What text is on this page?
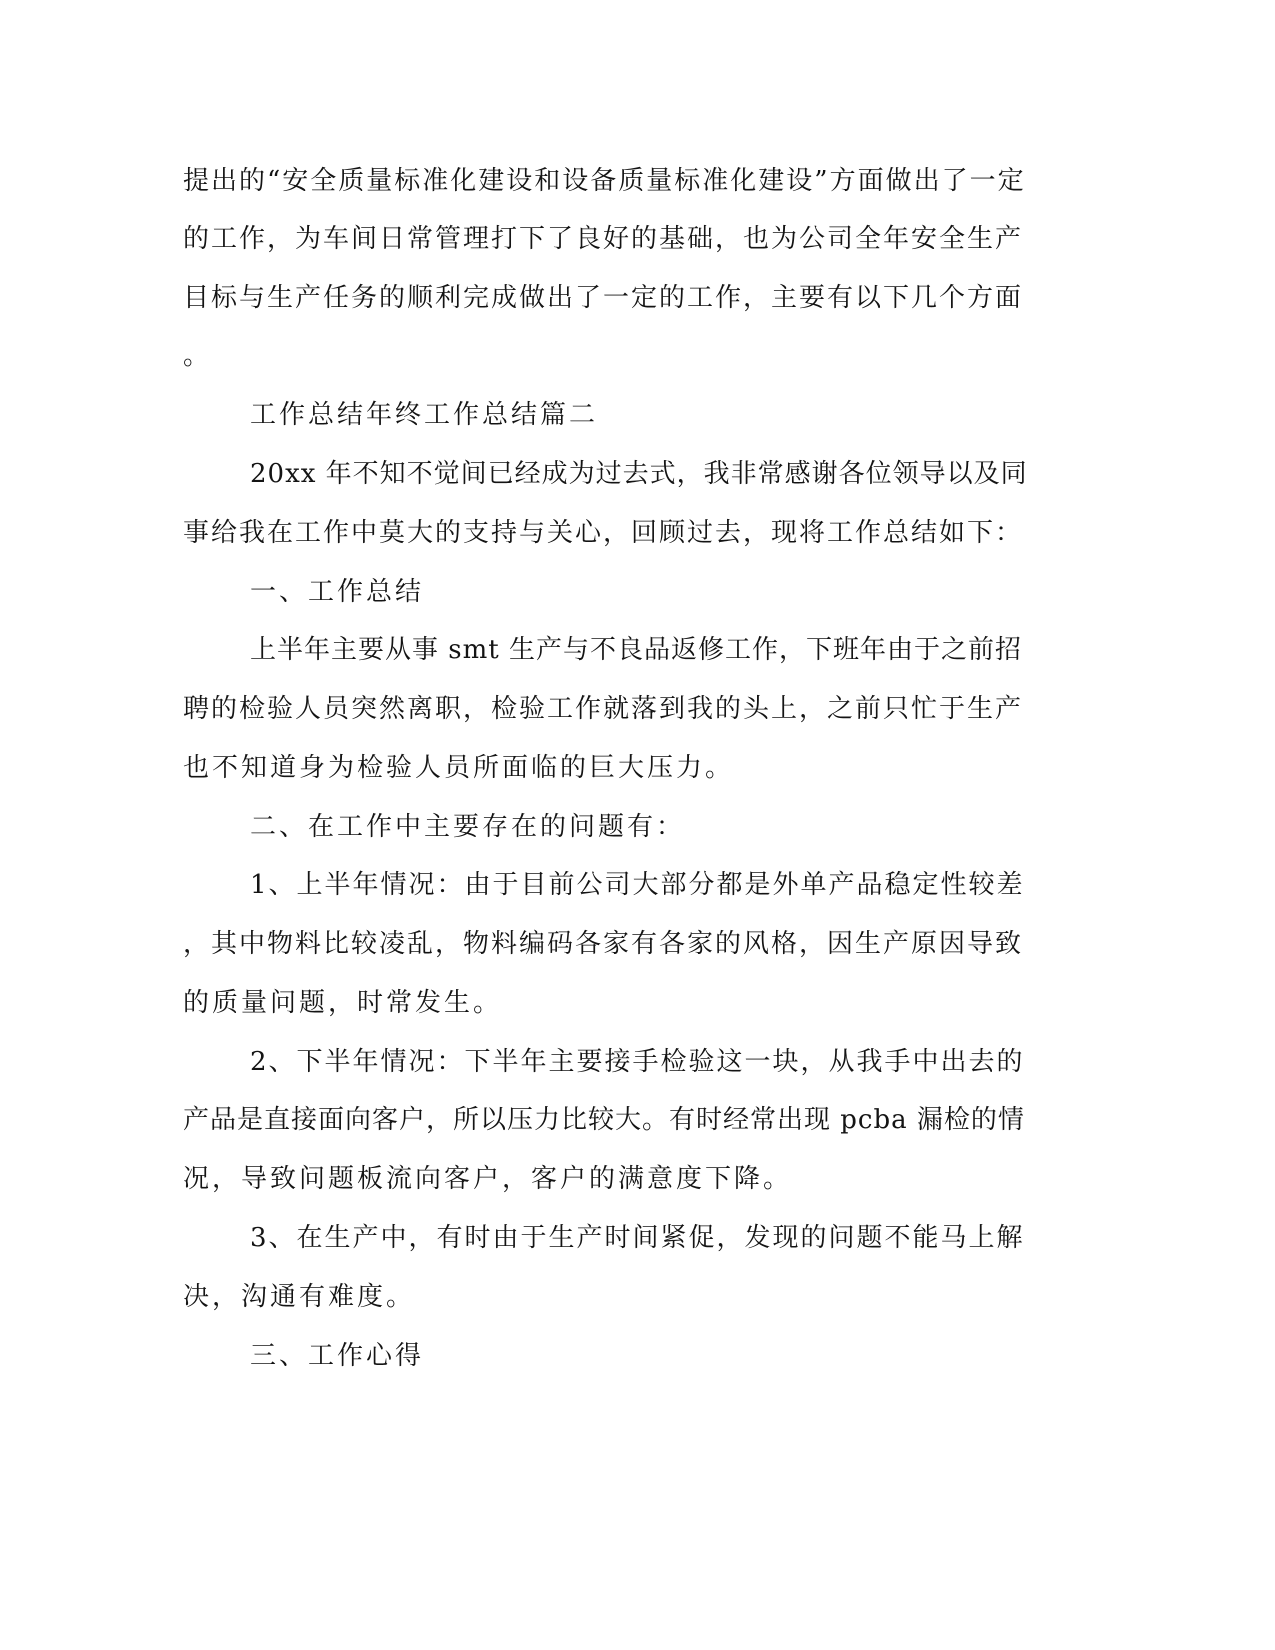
提出的“安全质量标准化建设和设备质量标准化建设”方面做出了一定
的工作，为车间日常管理打下了良好的基础，也为公司全年安全生产
目标与生产任务的顺利完成做出了一定的工作，主要有以下几个方面
。
工作总结年终工作总结篇二
20xx 年不知不觉间已经成为过去式，我非常感谢各位领导以及同
事给我在工作中莫大的支持与关心，回顾过去，现将工作总结如下：
一、工作总结
上半年主要从事 smt 生产与不良品返修工作，下班年由于之前招
聘的检验人员突然离职，检验工作就落到我的头上，之前只忙于生产
也不知道身为检验人员所面临的巨大压力。
二、在工作中主要存在的问题有：
1、上半年情况：由于目前公司大部分都是外单产品稳定性较差
，其中物料比较凌乱，物料编码各家有各家的风格，因生产原因导致
的质量问题，时常发生。
2、下半年情况：下半年主要接手检验这一块，从我手中出去的
产品是直接面向客户，所以压力比较大。有时经常出现 pcba 漏检的情
况，导致问题板流向客户，客户的满意度下降。
3、在生产中，有时由于生产时间紧促，发现的问题不能马上解
决，沟通有难度。
三、工作心得
